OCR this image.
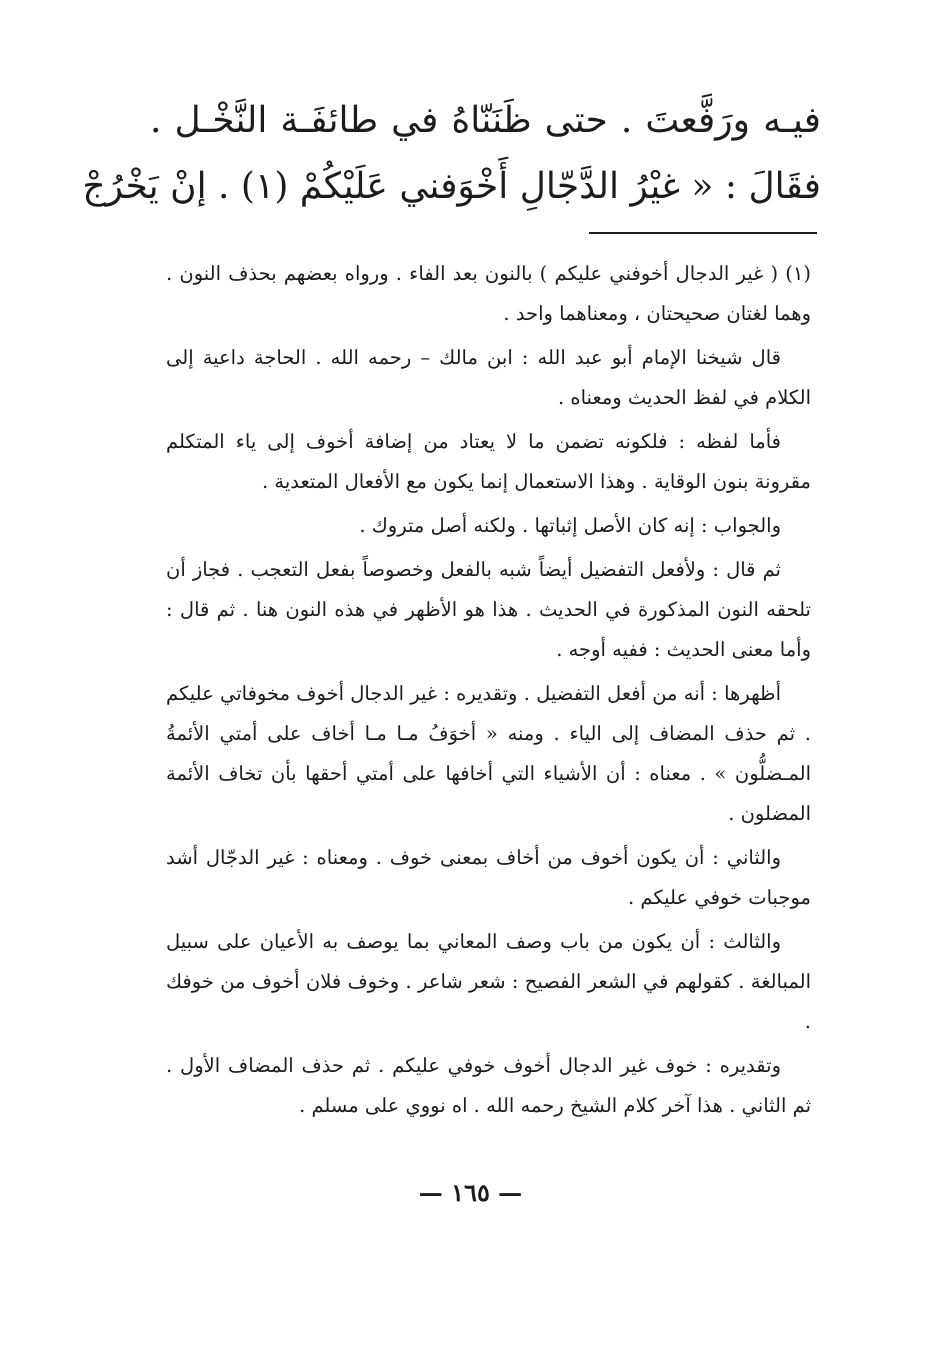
فيـه ورَفَّعتَ . حتى ظَنَنّاهُ في طائفَـة النَّخْـل .
فقَالَ : « غيْرُ الدَّجّالِ أَخْوَفني عَلَيْكُمْ (١) . إنْ يَخْرُجْ

(١) ( غير الدجال أخوفني عليكم ) بالنون بعد الفاء . ورواه بعضهم بحذف النون . وهما لغتان صحيحتان ، ومعناهما واحد .

قال شيخنا الإمام أبو عبد الله : ابن مالك – رحمه الله . الحاجة داعية إلى الكلام في لفظ الحديث ومعناه .

فأما لفظه : فلكونه تضمن ما لا يعتاد من إضافة أخوف إلى ياء المتكلم مقرونة بنون الوقاية . وهذا الاستعمال إنما يكون مع الأفعال المتعدية .

والجواب : إنه كان الأصل إثباتها . ولكنه أصل متروك .

ثم قال : ولأفعل التفضيل أيضاً شبه بالفعل وخصوصاً بفعل التعجب . فجاز أن تلحقه النون المذكورة في الحديث . هذا هو الأظهر في هذه النون هنا . ثم قال : وأما معنى الحديث : ففيه أوجه .

أظهرها : أنه من أفعل التفضيل . وتقديره : غير الدجال أخوف مخوفاتي عليكم . ثم حذف المضاف إلى الياء . ومنه « أخوَفُ مـا مـا أخاف على أمتي الأئمةُ المـضلُّون » . معناه : أن الأشياء التي أخافها على أمتي أحقها بأن تخاف الأئمة المضلون .

والثاني : أن يكون أخوف من أخاف بمعنى خوف . ومعناه : غير الدجّال أشد موجبات خوفي عليكم .

والثالث : أن يكون من باب وصف المعاني بما يوصف به الأعيان على سبيل المبالغة . كقولهم في الشعر الفصيح : شعر شاعر . وخوف فلان أخوف من خوفك .

وتقديره : خوف غير الدجال أخوف خوفي عليكم . ثم حذف المضاف الأول . ثم الثاني . هذا آخر كلام الشيخ رحمه الله . اه نووي على مسلم .

— ١٦٥ —
